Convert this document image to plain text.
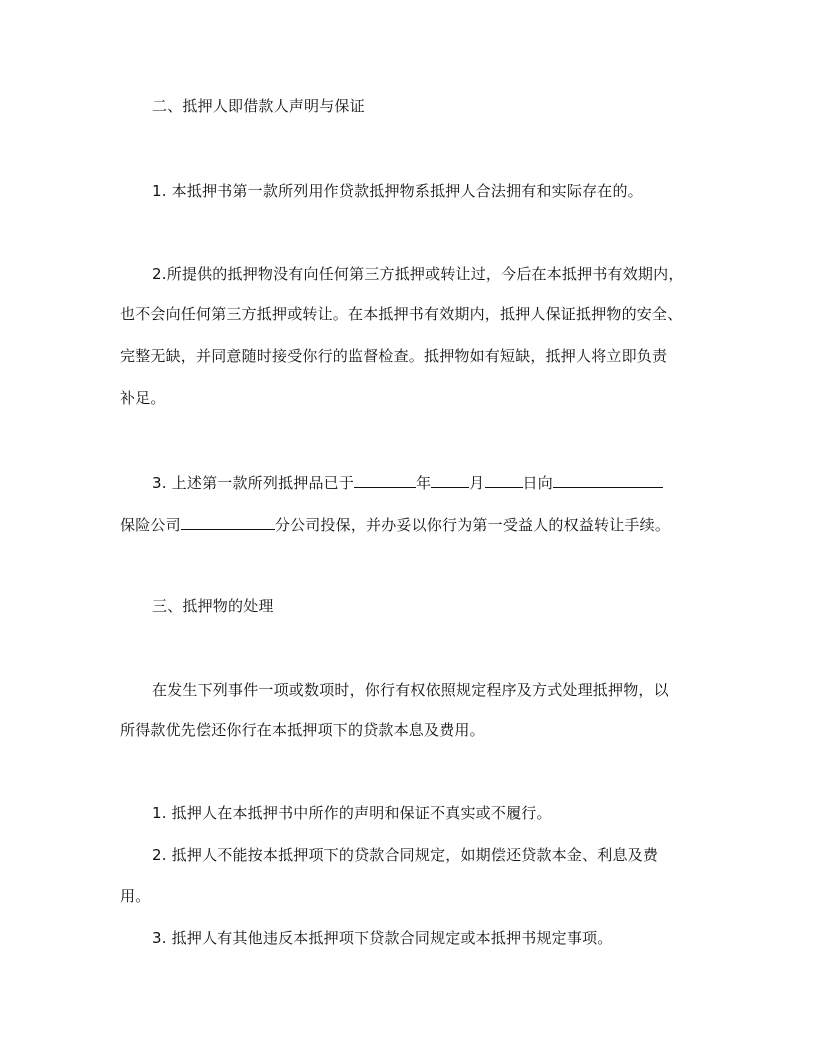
二、抵押人即借款人声明与保证
1. 本抵押书第一款所列用作贷款抵押物系抵押人合法拥有和实际存在的。
2.所提供的抵押物没有向任何第三方抵押或转让过，今后在本抵押书有效期内，
也不会向任何第三方抵押或转让。在本抵押书有效期内，抵押人保证抵押物的安全、
完整无缺，并同意随时接受你行的监督检查。抵押物如有短缺，抵押人将立即负责
补足。
3. 上述第一款所列抵押品已于	年	月	日向
保险公司	分公司投保，并办妥以你行为第一受益人的权益转让手续。
三、抵押物的处理
在发生下列事件一项或数项时，你行有权依照规定程序及方式处理抵押物，以
所得款优先偿还你行在本抵押项下的贷款本息及费用。
1. 抵押人在本抵押书中所作的声明和保证不真实或不履行。
2. 抵押人不能按本抵押项下的贷款合同规定，如期偿还贷款本金、利息及费
用。
3. 抵押人有其他违反本抵押项下贷款合同规定或本抵押书规定事项。
